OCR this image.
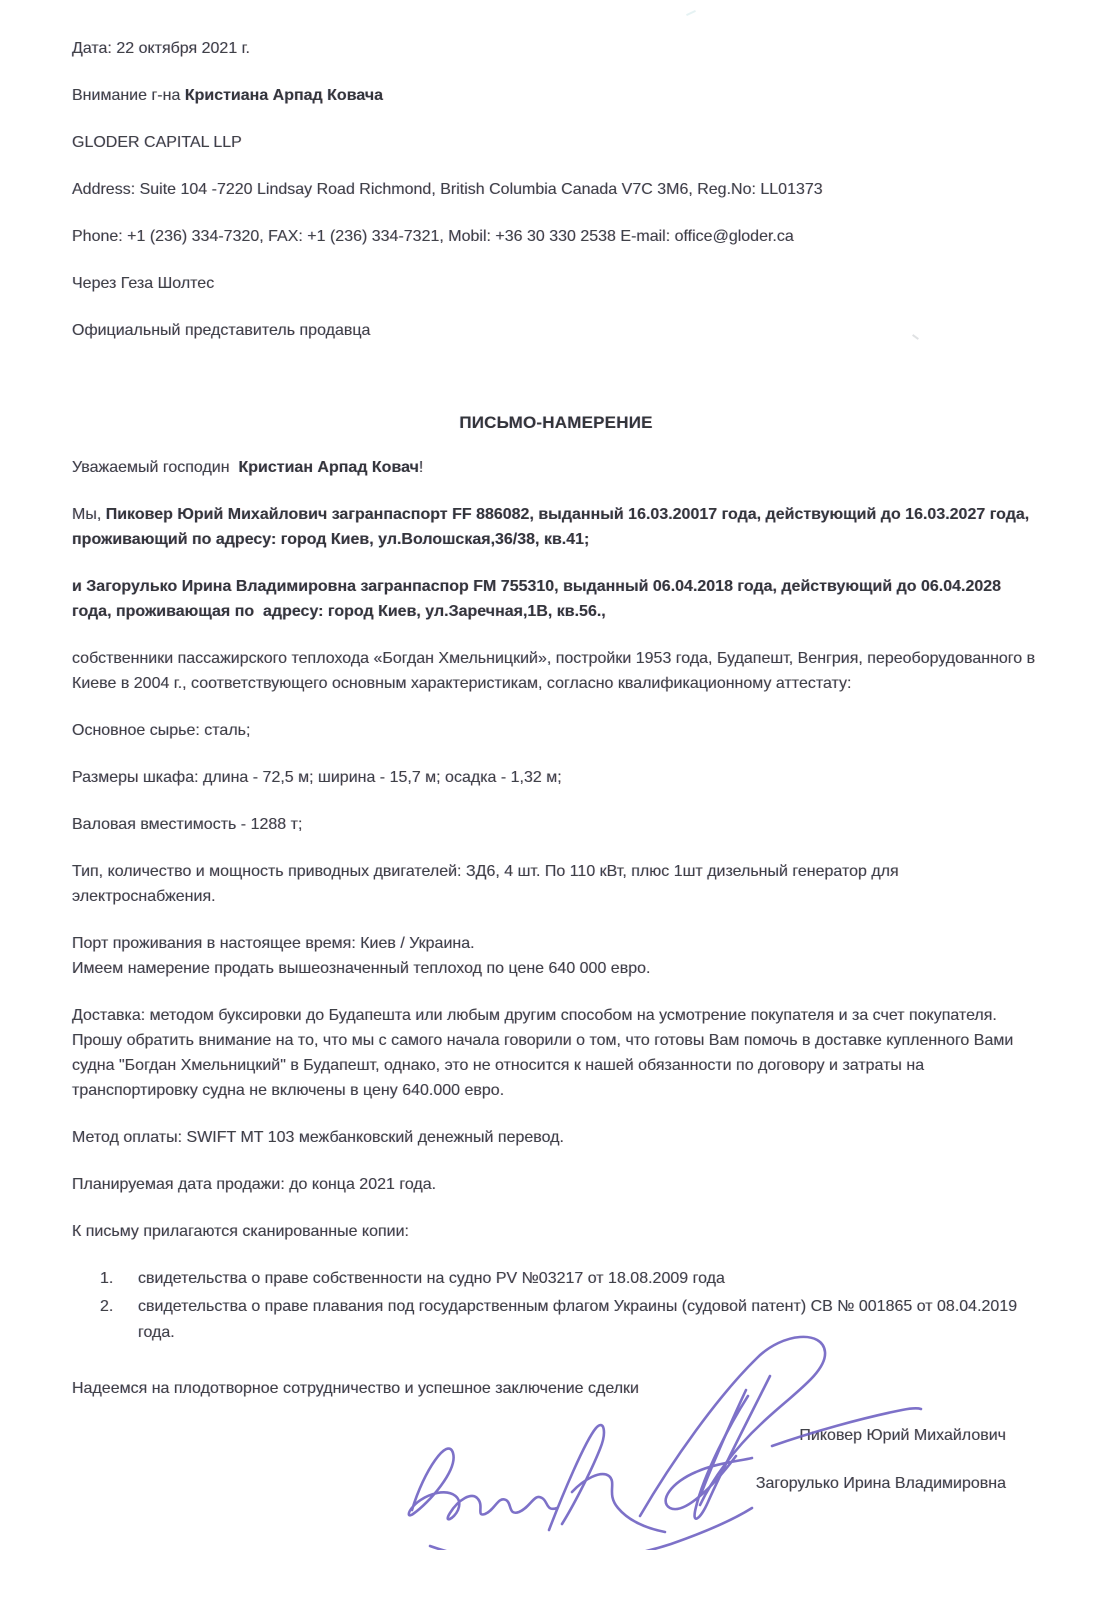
Дата: 22 октября 2021 г.

Внимание г-на Кристиана Арпад Ковача

GLODER CAPITAL LLP

Address: Suite 104 -7220 Lindsay Road Richmond, British Columbia Canada V7C 3M6, Reg.No: LL01373

Phone: +1 (236) 334-7320, FAX: +1 (236) 334-7321, Mobil: +36 30 330 2538 E-mail: office@gloder.ca

Через Геза Шолтес

Официальный представитель продавца

ПИСЬМО-НАМЕРЕНИЕ

Уважаемый господин  Кристиан Арпад Ковач!

Мы, Пиковер Юрий Михайлович загранпаспорт FF 886082, выданный 16.03.20017 года, действующий до 16.03.2027 года, проживающий по адресу: город Киев, ул.Волошская,36/38, кв.41;

и Загорулько Ирина Владимировна загранпаспор FM 755310, выданный 06.04.2018 года, действующий до 06.04.2028 года, проживающая по  адресу: город Киев, ул.Заречная,1В, кв.56.,

собственники пассажирского теплохода «Богдан Хмельницкий», постройки 1953 года, Будапешт, Венгрия, переоборудованного в Киеве в 2004 г., соответствующего основным характеристикам, согласно квалификационному аттестату:

Основное сырье: сталь;

Размеры шкафа: длина - 72,5 м; ширина - 15,7 м; осадка - 1,32 м;

Валовая вместимость - 1288 т;

Тип, количество и мощность приводных двигателей: ЗД6, 4 шт. По 110 кВт, плюс 1шт дизельный генератор для электроснабжения.

Порт проживания в настоящее время: Киев / Украина.
Имеем намерение продать вышеозначенный теплоход по цене 640 000 евро.

Доставка: методом буксировки до Будапешта или любым другим способом на усмотрение покупателя и за счет покупателя. Прошу обратить внимание на то, что мы с самого начала говорили о том, что готовы Вам помочь в доставке купленного Вами судна "Богдан Хмельницкий" в Будапешт, однако, это не относится к нашей обязанности по договору и затраты на транспортировку судна не включены в цену 640.000 евро.

Метод оплаты: SWIFT MT 103 межбанковский денежный перевод.

Планируемая дата продажи: до конца 2021 года.

К письму прилагаются сканированные копии:

1.	свидетельства о праве собственности на судно PV №03217 от 18.08.2009 года
2.	свидетельства о праве плавания под государственным флагом Украины (судовой патент) СВ № 001865 от 08.04.2019  года.

Надеемся на плодотворное сотрудничество и успешное заключение сделки

Пиковер Юрий Михайлович

Загорулько Ирина Владимировна
